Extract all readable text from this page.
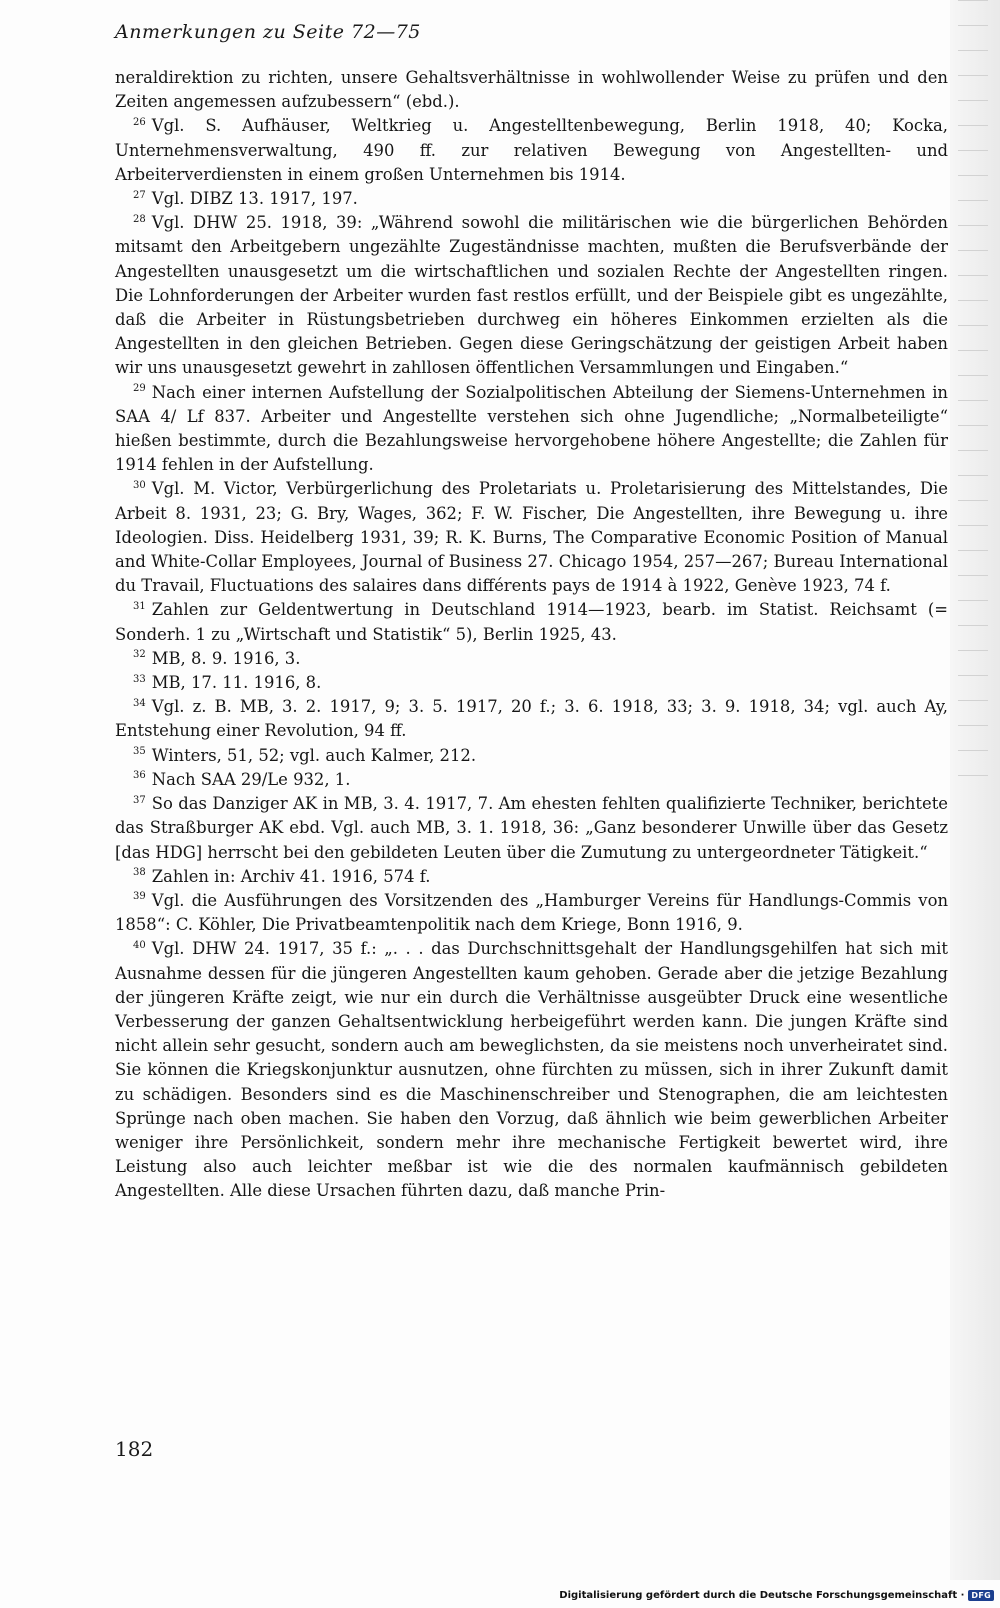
Anmerkungen zu Seite 72—75

neraldirektion zu richten, unsere Gehaltsverhältnisse in wohlwollender Weise zu prüfen und den Zeiten angemessen aufzubessern“ (ebd.).

$^{26}$ Vgl. S. Aufhäuser, Weltkrieg u. Angestelltenbewegung, Berlin 1918, 40; Kocka, Unternehmensverwaltung, 490 ff. zur relativen Bewegung von Angestellten- und Arbeiterverdiensten in einem großen Unternehmen bis 1914.

$^{27}$ Vgl. DIBZ 13. 1917, 197.

$^{28}$ Vgl. DHW 25. 1918, 39: „Während sowohl die militärischen wie die bürgerlichen Behörden mitsamt den Arbeitgebern ungezählte Zugeständnisse machten, mußten die Berufsverbände der Angestellten unausgesetzt um die wirtschaftlichen und sozialen Rechte der Angestellten ringen. Die Lohnforderungen der Arbeiter wurden fast restlos erfüllt, und der Beispiele gibt es ungezählte, daß die Arbeiter in Rüstungsbetrieben durchweg ein höheres Einkommen erzielten als die Angestellten in den gleichen Betrieben. Gegen diese Geringschätzung der geistigen Arbeit haben wir uns unausgesetzt gewehrt in zahllosen öffentlichen Versammlungen und Eingaben.“

$^{29}$ Nach einer internen Aufstellung der Sozialpolitischen Abteilung der Siemens-Unternehmen in SAA 4/ Lf 837. Arbeiter und Angestellte verstehen sich ohne Jugendliche; „Normalbeteiligte“ hießen bestimmte, durch die Bezahlungsweise hervorgehobene höhere Angestellte; die Zahlen für 1914 fehlen in der Aufstellung.

$^{30}$ Vgl. M. Victor, Verbürgerlichung des Proletariats u. Proletarisierung des Mittelstandes, Die Arbeit 8. 1931, 23; G. Bry, Wages, 362; F. W. Fischer, Die Angestellten, ihre Bewegung u. ihre Ideologien. Diss. Heidelberg 1931, 39; R. K. Burns, The Comparative Economic Position of Manual and White-Collar Employees, Journal of Business 27. Chicago 1954, 257—267; Bureau International du Travail, Fluctuations des salaires dans différents pays de 1914 à 1922, Genève 1923, 74 f.

$^{31}$ Zahlen zur Geldentwertung in Deutschland 1914—1923, bearb. im Statist. Reichsamt (= Sonderh. 1 zu „Wirtschaft und Statistik“ 5), Berlin 1925, 43.

$^{32}$ MB, 8. 9. 1916, 3.

$^{33}$ MB, 17. 11. 1916, 8.

$^{34}$ Vgl. z. B. MB, 3. 2. 1917, 9; 3. 5. 1917, 20 f.; 3. 6. 1918, 33; 3. 9. 1918, 34; vgl. auch Ay, Entstehung einer Revolution, 94 ff.

$^{35}$ Winters, 51, 52; vgl. auch Kalmer, 212.

$^{36}$ Nach SAA 29/Le 932, 1.

$^{37}$ So das Danziger AK in MB, 3. 4. 1917, 7. Am ehesten fehlten qualifizierte Techniker, berichtete das Straßburger AK ebd. Vgl. auch MB, 3. 1. 1918, 36: „Ganz besonderer Unwille über das Gesetz [das HDG] herrscht bei den gebildeten Leuten über die Zumutung zu untergeordneter Tätigkeit.“

$^{38}$ Zahlen in: Archiv 41. 1916, 574 f.

$^{39}$ Vgl. die Ausführungen des Vorsitzenden des „Hamburger Vereins für Handlungs-Commis von 1858“: C. Köhler, Die Privatbeamtenpolitik nach dem Kriege, Bonn 1916, 9.

$^{40}$ Vgl. DHW 24. 1917, 35 f.: „. . . das Durchschnittsgehalt der Handlungsgehilfen hat sich mit Ausnahme dessen für die jüngeren Angestellten kaum gehoben. Gerade aber die jetzige Bezahlung der jüngeren Kräfte zeigt, wie nur ein durch die Verhältnisse ausgeübter Druck eine wesentliche Verbesserung der ganzen Gehaltsentwicklung herbeigeführt werden kann. Die jungen Kräfte sind nicht allein sehr gesucht, sondern auch am beweglichsten, da sie meistens noch unverheiratet sind. Sie können die Kriegskonjunktur ausnutzen, ohne fürchten zu müssen, sich in ihrer Zukunft damit zu schädigen. Besonders sind es die Maschinenschreiber und Stenographen, die am leichtesten Sprünge nach oben machen. Sie haben den Vorzug, daß ähnlich wie beim gewerblichen Arbeiter weniger ihre Persönlichkeit, sondern mehr ihre mechanische Fertigkeit bewertet wird, ihre Leistung also auch leichter meßbar ist wie die des normalen kaufmännisch gebildeten Angestellten. Alle diese Ursachen führten dazu, daß manche Prin-

182
Digitalisierung gefördert durch die Deutsche Forschungsgemeinschaft · DFG
